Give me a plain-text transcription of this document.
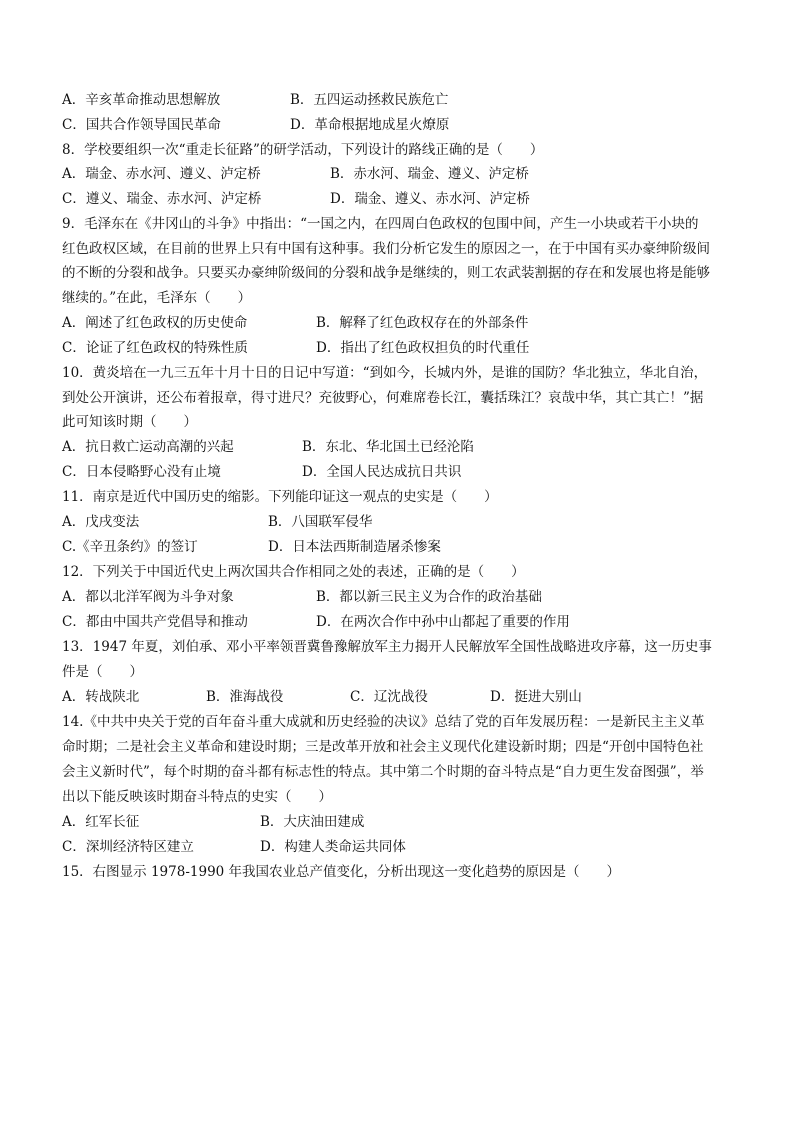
A．辛亥革命推动思想解放	B．五四运动拯救民族危亡
C．国共合作领导国民革命	D．革命根据地成星火燎原
8．学校要组织一次“重走长征路”的研学活动，下列设计的路线正确的是（　　）
A．瑞金、赤水河、遵义、泸定桥	B．赤水河、瑞金、遵义、泸定桥
C．遵义、瑞金、赤水河、泸定桥	D．瑞金、遵义、赤水河、泸定桥
9．毛泽东在《井冈山的斗争》中指出：“一国之内，在四周白色政权的包围中间，产生一小块或若干小块的
红色政权区域，在目前的世界上只有中国有这种事。我们分析它发生的原因之一，在于中国有买办豪绅阶级间
的不断的分裂和战争。只要买办豪绅阶级间的分裂和战争是继续的，则工农武装割据的存在和发展也将是能够
继续的。”在此，毛泽东（　　）
A．阐述了红色政权的历史使命	B．解释了红色政权存在的外部条件
C．论证了红色政权的特殊性质	D．指出了红色政权担负的时代重任
10．黄炎培在一九三五年十月十日的日记中写道：“到如今，长城内外，是谁的国防？华北独立，华北自治，
到处公开演讲，还公布着报章，得寸进尺？充彼野心，何难席卷长江，囊括珠江？哀哉中华，其亡其亡！”据
此可知该时期（　　）
A．抗日救亡运动高潮的兴起	B．东北、华北国土已经沦陷
C．日本侵略野心没有止境	D．全国人民达成抗日共识
11．南京是近代中国历史的缩影。下列能印证这一观点的史实是（　　）
A．戊戌变法	B．八国联军侵华
C.《辛丑条约》的签订	D．日本法西斯制造屠杀惨案
12．下列关于中国近代史上两次国共合作相同之处的表述，正确的是（　　）
A．都以北洋军阀为斗争对象	B．都以新三民主义为合作的政治基础
C．都由中国共产党倡导和推动	D．在两次合作中孙中山都起了重要的作用
13．1947 年夏，刘伯承、邓小平率领晋冀鲁豫解放军主力揭开人民解放军全国性战略进攻序幕，这一历史事
件是（　　）
A．转战陕北	B．淮海战役	C．辽沈战役	D．挺进大别山
14.《中共中央关于党的百年奋斗重大成就和历史经验的决议》总结了党的百年发展历程：一是新民主主义革
命时期；二是社会主义革命和建设时期；三是改革开放和社会主义现代化建设新时期；四是“开创中国特色社
会主义新时代”，每个时期的奋斗都有标志性的特点。其中第二个时期的奋斗特点是“自力更生发奋图强”，举
出以下能反映该时期奋斗特点的史实（　　）
A．红军长征	B．大庆油田建成
C．深圳经济特区建立	D．构建人类命运共同体
15．右图显示 1978-1990 年我国农业总产值变化，分析出现这一变化趋势的原因是（　　）
